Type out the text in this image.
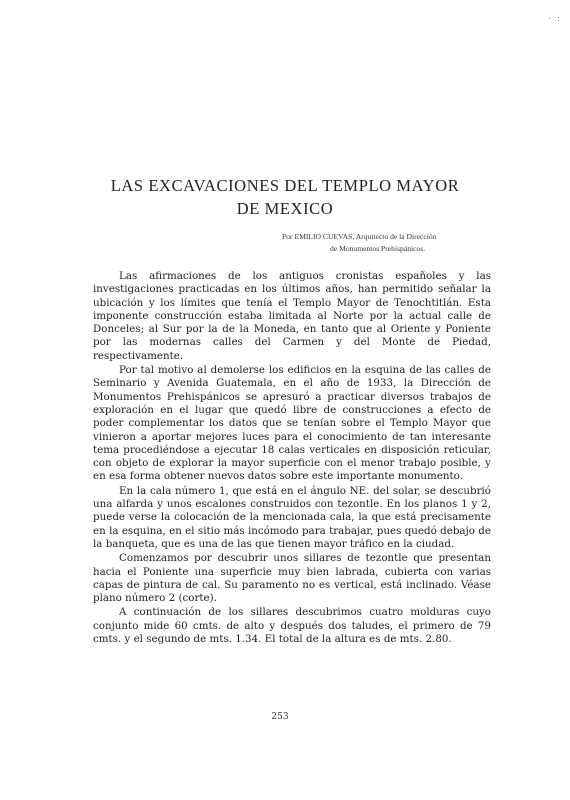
· :
LAS EXCAVACIONES DEL TEMPLO MAYOR
DE MEXICO
Por EMILIO CUEVAS, Arquitecto de la Dirección
de Monumentos Prehispánicos.

Las afirmaciones de los antiguos cronistas españoles y las investigaciones practicadas en los últimos años, han permitido señalar la ubicación y los límites que tenía el Templo Mayor de Tenochtitlán. Esta imponente construcción estaba limitada al Norte por la actual calle de Donceles; al Sur por la de la Moneda, en tanto que al Oriente y Poniente por las modernas calles del Carmen y del Monte de Piedad, respectivamente.

Por tal motivo al demolerse los edificios en la esquina de las calles de Seminario y Avenida Guatemala, en el año de 1933, la Dirección de Monumentos Prehispánicos se apresuró a practicar diversos trabajos de exploración en el lugar que quedó libre de construcciones a efecto de poder complementar los datos que se tenían sobre el Templo Mayor que vinieron a aportar mejores luces para el conocimiento de tan interesante tema procediéndose a ejecutar 18 calas verticales en disposición reticular, con objeto de explorar la mayor superficie con el menor trabajo posible, y en esa forma obtener nuevos datos sobre este importante monumento.

En la cala número 1, que está en el ángulo NE. del solar, se descubrió una alfarda y unos escalones construidos con tezontle. En los planos 1 y 2, puede verse la colocación de la mencionada cala, la que está precisamente en la esquina, en el sitio más incómodo para trabajar, pues quedó debajo de la banqueta, que es una de las que tienen mayor tráfico en la ciudad.

Comenzamos por descubrir unos sillares de tezontle que presentan hacia el Poniente una superficie muy bien labrada, cubierta con varias capas de pintura de cal. Su paramento no es vertical, está inclinado. Véase plano número 2 (corte).

A continuación de los sillares descubrimos cuatro molduras cuyo conjunto mide 60 cmts. de alto y después dos taludes, el primero de 79 cmts. y el segundo de mts. 1.34. El total de la altura es de mts. 2.80.

253
